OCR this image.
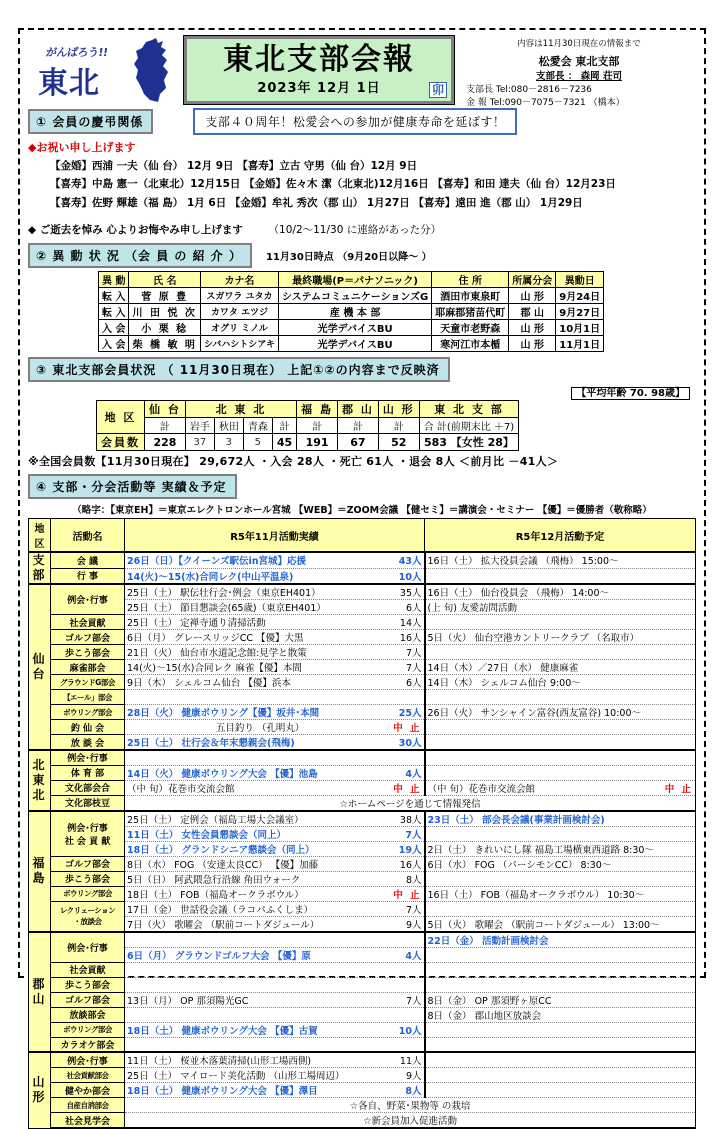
がんばろう!!
東北
東北支部会報
2023年 12月 1日	卯
内容は11月30日現在の情報まで
松愛会 東北支部
支部長 ： 森岡 荘司
支部長 Tel:080－2816－7236
金 報 Tel:090－7075－7321 （橋本）
① 会員の慶弔関係	支部４０周年！松愛会への参加が健康寿命を延ばす！
◆お祝い申し上げます
【金婚】西浦 一夫（仙 台） 12月 9日 【喜寿】立古 守男（仙 台）12月 9日
【喜寿】中島 憲一（北東北）12月15日 【金婚】佐々木 潔（北東北)12月16日 【喜寿】和田 達夫（仙 台）12月23日
【喜寿】佐野 輝雄（福 島） 1月 6日 【金婚】牟礼 秀次（郡 山） 1月27日 【喜寿】遠田 進（郡 山） 1月29日
◆ ご逝去を悼み 心よりお悔やみ申し上げます （10/2～11/30 に連絡があった分）
② 異 動 状 況 （会 員 の 紹 介 ）	11月30日時点 （9月20日以降～ ）
異 動	氏 名	カナ名	最終職場(P＝パナソニック)	住 所	所属分会	異動日
転 入	菅 原 豊	スガワラ ユタカ	システムコミュニケーションズG	酒田市東泉町	山 形	9月24日
転 入	川 田 悦 次	カワタ エツジ	産 機 本 部	耶麻郡猪苗代町	郡 山	9月27日
入 会	小 栗 稔	オグリ ミノル	光学デバイスBU	天童市老野森	山 形	10月1日
入 会	柴 橋 敏 明	シバハシトシアキ	光学デバイスBU	寒河江市本楯	山 形	11月1日
③ 東北支部会員状況 （ 11月30日現在） 上記①②の内容まで反映済
【平均年齢 70. 98歳】
地 区	仙 台	北 東 北				福 島	郡 山	山 形	東 北 支 部
	計	岩手	秋田	青森	計	計	計	計	合 計(前期末比 ＋7)
会員数	228	37	3	5	45	191	67	52	583 【女性 28】
※全国会員数【11月30日現在】 29,672人 ・入会 28人 ・死亡 61人 ・退会 8人 ＜前月比 －41人＞
④ 支部・分会活動等 実績＆予定
（略字：【東京EH】＝東京エレクトロンホール宮城 【WEB】＝ZOOM会議 【健セミ】＝講演会・セミナー 【優】＝優勝者（敬称略）
地区	活動名	R5年11月活動実績	R5年12月活動予定
支
部	会 議	26日（日）【クイーンズ駅伝in宮城】応援 43人	16日（土） 拡大役員会議 （飛梅） 15:00～
	行 事	14(火)～15(水)合同レク(中山平温泉) 10人	

仙
台	例会･行事	25日（土） 駅伝壮行会･例会（東京EH401） 35人	16日（土） 仙台役員会 （飛梅） 14:00～
		25日（土） 節目懇談会(65歳)（東京EH401） 6人	(上 旬) 友愛訪問活動
	社会貢献	25日（土） 定禅寺通り清掃活動 14人	

	ゴルフ部会	6日（月） グレースリッジCC 【優】大黒 16人	5日（火） 仙台空港カントリークラブ （名取市）
	歩こう部会	21日（火） 仙台市水道記念館:見学と散策 7人	

	麻雀部会	14(火)～15(水)合同レク 麻雀【優】本間 7人	14日（木）／27日（水） 健康麻雀
	グラウンドG部会	9日（木） シェルコム仙台 【優】浜本 6人	14日（木） シェルコム仙台 9:00～
	【エール」部会		
	ボウリング部会	28日（火） 健康ボウリング【優】坂井･本間 25人	26日（火） サンシャイン富谷(西友富谷) 10:00～
	釣 仙 会	五目釣り （孔明丸） 中 止	

	放 談 会	25日（土） 壮行会＆年末懇親会(飛梅) 30人	

北
東
北	例会･行事		
	体 育 部	14日（火） 健康ボウリング大会 【優】池島 4人	

	文化部会合	（中 旬）花巻市交流会館 中 止	（中 旬）花巻市交流会館 中 止

	文化部枝豆	☆ホームページを通じて情報発信	
福
島	例会･行事
社 会 貢 献	25日（土） 定例会（福島工場大会議室） 38人	23日（土） 部会長会議(事業計画検討会)
		11日（土） 女性会員懇談会（同上） 7人	

		18日（土） グランドシニア懇談会（同上） 19人	2日（土） きれいにし隊 福島工場横東西道路 8:30～
	ゴルフ部会	8日（水） FOG （安達太良CC） 【優】加藤 16人	6日（水） FOG （パーシモンCC） 8:30～
	歩こう部会	5日（日） 阿武隈急行沿線 角田ウォーク 8人	

	ボウリング部会	18日（土） FOB（福島オークラボウル） 中 止	16日（土） FOB（福島オークラボウル） 10:30～
	レクリェーション
・放談会	17日（金） 世話役会議（ラコパふくしま） 7人	

		7日（火） 歌曜会 （駅前コートダジュール） 9人	5日（火） 歌曜会 （駅前コートダジュール） 13:00～
郡
山	例会･行事		22日（金） 活動計画検討会
		6日（月） グラウンドゴルフ大会 【優】原 4人	

	社会貢献		
	歩こう部会		
	ゴルフ部会	13日（月） OP 那須陽光GC 7人	8日（金） OP 那須野ヶ原CC
	放談部会		8日（金） 郡山地区放談会
	ボウリング部会	18日（土） 健康ボウリング大会 【優】古賀 10人	

	カラオケ部会		
山
形	例会･行事	11日（土） 桜並木落葉清掃(山形工場西側) 11人	

	社会貢献部会	25日（土） マイロード美化活動 （山形工場周辺） 9人	

	健やか部会	18日（土） 健康ボウリング大会 【優】澤目 8人	

	自産自消部会	☆各自、野菜･果物等 の栽培	
	社会見学会	☆新会員加入促進活動	
